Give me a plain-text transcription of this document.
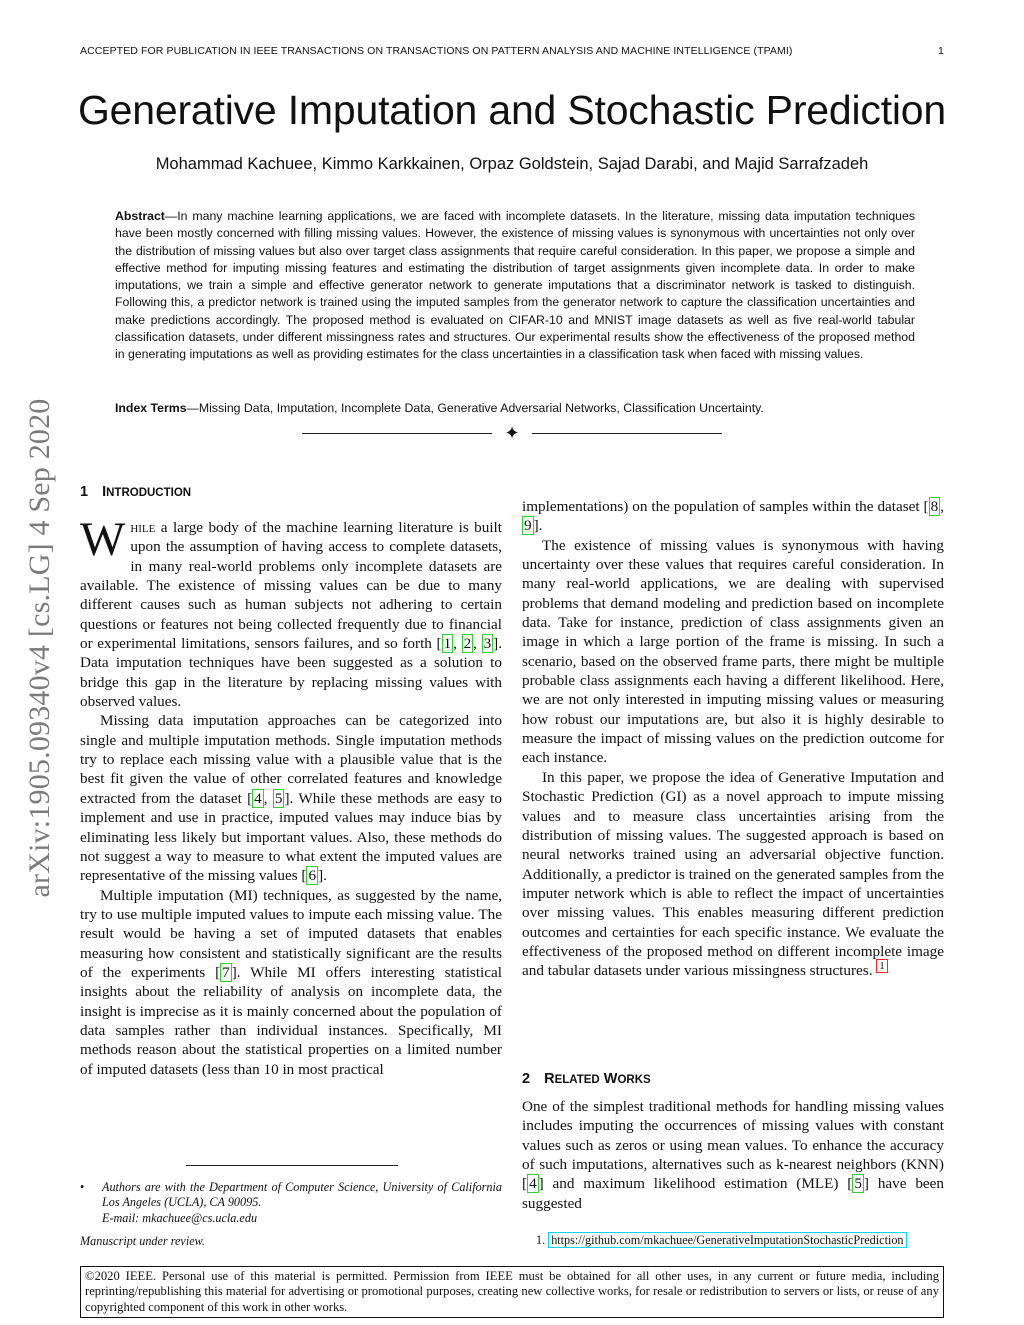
ACCEPTED FOR PUBLICATION IN IEEE TRANSACTIONS ON TRANSACTIONS ON PATTERN ANALYSIS AND MACHINE INTELLIGENCE (TPAMI)	1
Generative Imputation and Stochastic Prediction
Mohammad Kachuee, Kimmo Karkkainen, Orpaz Goldstein, Sajad Darabi, and Majid Sarrafzadeh
Abstract—In many machine learning applications, we are faced with incomplete datasets. In the literature, missing data imputation techniques have been mostly concerned with filling missing values. However, the existence of missing values is synonymous with uncertainties not only over the distribution of missing values but also over target class assignments that require careful consideration. In this paper, we propose a simple and effective method for imputing missing features and estimating the distribution of target assignments given incomplete data. In order to make imputations, we train a simple and effective generator network to generate imputations that a discriminator network is tasked to distinguish. Following this, a predictor network is trained using the imputed samples from the generator network to capture the classification uncertainties and make predictions accordingly. The proposed method is evaluated on CIFAR-10 and MNIST image datasets as well as five real-world tabular classification datasets, under different missingness rates and structures. Our experimental results show the effectiveness of the proposed method in generating imputations as well as providing estimates for the class uncertainties in a classification task when faced with missing values.
Index Terms—Missing Data, Imputation, Incomplete Data, Generative Adversarial Networks, Classification Uncertainty.
✦
arXiv:1905.09340v4 [cs.LG] 4 Sep 2020 1 INTRODUCTION

While a large body of the machine learning literature is built upon the assumption of having access to complete datasets, in many real-world problems only incomplete datasets are available. The existence of missing values can be due to many different causes such as human subjects not adhering to certain questions or features not being collected frequently due to financial or experimental limitations, sensors failures, and so forth [ 1 , 2 , 3 ]. Data imputation techniques have been suggested as a solution to bridge this gap in the literature by replacing missing values with observed values.

Missing data imputation approaches can be categorized into single and multiple imputation methods. Single imputation methods try to replace each missing value with a plausible value that is the best fit given the value of other correlated features and knowledge extracted from the dataset [ 4 , 5 ]. While these methods are easy to implement and use in practice, imputed values may induce bias by eliminating less likely but important values. Also, these methods do not suggest a way to measure to what extent the imputed values are representative of the missing values [ 6 ].

Multiple imputation (MI) techniques, as suggested by the name, try to use multiple imputed values to impute each missing value. The result would be having a set of imputed datasets that enables measuring how consistent and statistically significant are the results of the experiments [ 7 ]. While MI offers interesting statistical insights about the reliability of analysis on incomplete data, the insight is imprecise as it is mainly concerned about the population of data samples rather than individual instances. Specifically, MI methods reason about the statistical properties on a limited number of imputed datasets (less than 10 in most practical

• Authors are with the Department of Computer Science, University of California Los Angeles (UCLA), CA 90095.
E-mail: mkachuee@cs.ucla.edu
Manuscript under review.

implementations) on the population of samples within the dataset [ 8 , 9 ].

The existence of missing values is synonymous with having uncertainty over these values that requires careful consideration. In many real-world applications, we are dealing with supervised problems that demand modeling and prediction based on incomplete data. Take for instance, prediction of class assignments given an image in which a large portion of the frame is missing. In such a scenario, based on the observed frame parts, there might be multiple probable class assignments each having a different likelihood. Here, we are not only interested in imputing missing values or measuring how robust our imputations are, but also it is highly desirable to measure the impact of missing values on the prediction outcome for each instance.

In this paper, we propose the idea of Generative Imputation and Stochastic Prediction (GI) as a novel approach to impute missing values and to measure class uncertainties arising from the distribution of missing values. The suggested approach is based on neural networks trained using an adversarial objective function. Additionally, a predictor is trained on the generated samples from the imputer network which is able to reflect the impact of uncertainties over missing values. This enables measuring different prediction outcomes and certainties for each specific instance. We evaluate the effectiveness of the proposed method on different incomplete image and tabular datasets under various missingness structures. $^1$

2 RELATED WORKS

One of the simplest traditional methods for handling missing values includes imputing the occurrences of missing values with constant values such as zeros or using mean values. To enhance the accuracy of such imputations, alternatives such as k-nearest neighbors (KNN) [ 4 ] and maximum likelihood estimation (MLE) [ 5 ] have been suggested

1. https://github.com/mkachuee/GenerativeImputationStochasticPrediction
©2020 IEEE. Personal use of this material is permitted. Permission from IEEE must be obtained for all other uses, in any current or future media, including reprinting/republishing this material for advertising or promotional purposes, creating new collective works, for resale or redistribution to servers or lists, or reuse of any copyrighted component of this work in other works.
